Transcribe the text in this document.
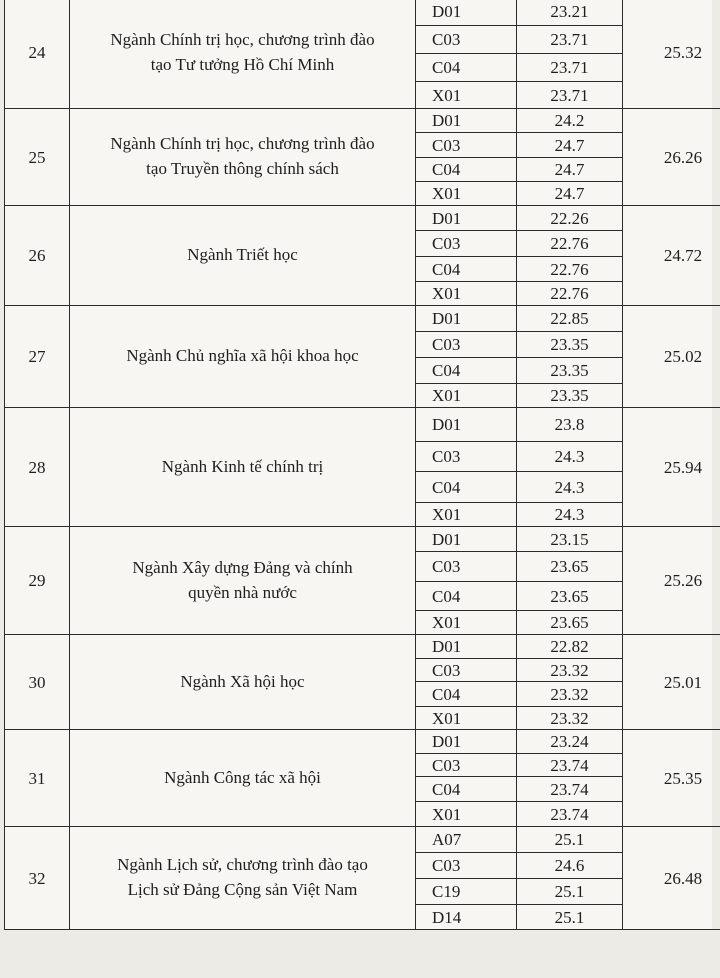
24	Ngành Chính trị học, chương trình đào
tạo Tư tưởng Hồ Chí Minh	D01	23.21	25.32
		C03	23.71	
		C04	23.71	
		X01	23.71	
25	Ngành Chính trị học, chương trình đào
tạo Truyền thông chính sách	D01	24.2	26.26
		C03	24.7	
		C04	24.7	
		X01	24.7	
26	Ngành Triết học	D01	22.26	24.72
		C03	22.76	
		C04	22.76	
		X01	22.76	
27	Ngành Chủ nghĩa xã hội khoa học	D01	22.85	25.02
		C03	23.35	
		C04	23.35	
		X01	23.35	
28	Ngành Kinh tế chính trị	D01	23.8	25.94
		C03	24.3	
		C04	24.3	
		X01	24.3	
29	Ngành Xây dựng Đảng và chính
quyền nhà nước	D01	23.15	25.26
		C03	23.65	
		C04	23.65	
		X01	23.65	
30	Ngành Xã hội học	D01	22.82	25.01
		C03	23.32	
		C04	23.32	
		X01	23.32	
31	Ngành Công tác xã hội	D01	23.24	25.35
		C03	23.74	
		C04	23.74	
		X01	23.74	
32	Ngành Lịch sử, chương trình đào tạo
Lịch sử Đảng Cộng sản Việt Nam	A07	25.1	26.48
		C03	24.6	
		C19	25.1	
		D14	25.1	
